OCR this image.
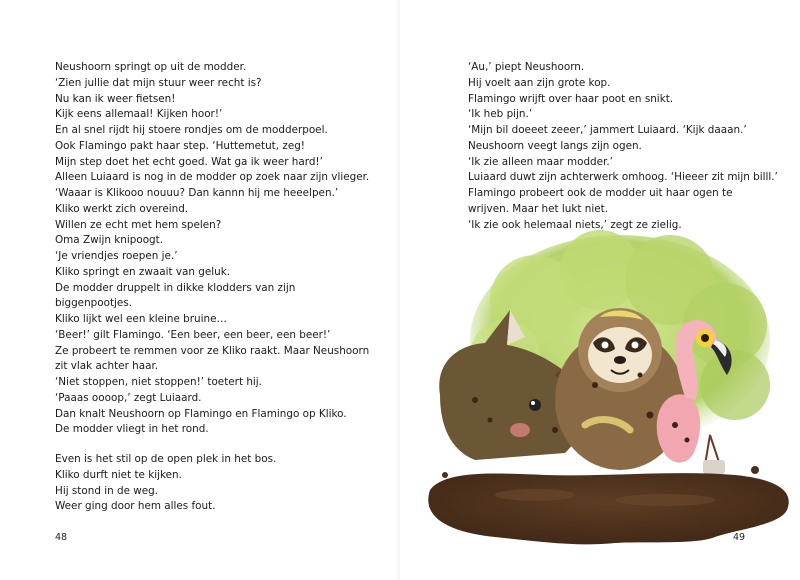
Neushoorn springt op uit de modder.
‘Zien jullie dat mijn stuur weer recht is?
Nu kan ik weer fietsen!
Kijk eens allemaal! Kijken hoor!’
En al snel rijdt hij stoere rondjes om de modderpoel.
Ook Flamingo pakt haar step. ‘Huttemetut, zeg!
Mijn step doet het echt goed. Wat ga ik weer hard!’
Alleen Luiaard is nog in de modder op zoek naar zijn vlieger.
‘Waaar is Klikooo nouuu? Dan kannn hij me heeelpen.’
Kliko werkt zich overeind.
Willen ze echt met hem spelen?
Oma Zwijn knipoogt.
‘Je vriendjes roepen je.’
Kliko springt en zwaait van geluk.
De modder druppelt in dikke klodders van zijn
biggenpootjes.
Kliko lijkt wel een kleine bruine…
‘Beer!’ gilt Flamingo. ‘Een beer, een beer, een beer!’
Ze probeert te remmen voor ze Kliko raakt. Maar Neushoorn
zit vlak achter haar.
‘Niet stoppen, niet stoppen!’ toetert hij.
‘Paaas oooop,’ zegt Luiaard.
Dan knalt Neushoorn op Flamingo en Flamingo op Kliko.
De modder vliegt in het rond.
Even is het stil op de open plek in het bos.
Kliko durft niet te kijken.
Hij stond in de weg.
Weer ging door hem alles fout.
48
‘Au,’ piept Neushoorn.
Hij voelt aan zijn grote kop.
Flamingo wrijft over haar poot en snikt.
‘Ik heb pijn.’
‘Mijn bil doeeet zeeer,’ jammert Luiaard. ‘Kijk daaan.’
Neushoorn veegt langs zijn ogen.
‘Ik zie alleen maar modder.’
Luiaard duwt zijn achterwerk omhoog. ‘Hieeer zit mijn billl.’
Flamingo probeert ook de modder uit haar ogen te
wrijven. Maar het lukt niet.
‘Ik zie ook helemaal niets,’ zegt ze zielig.
49
